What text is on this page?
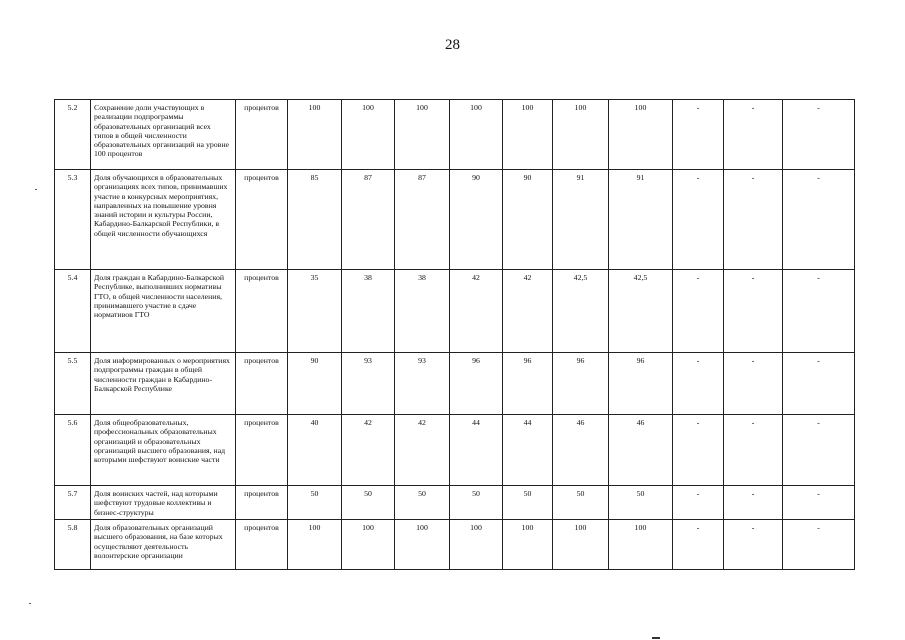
28
5.2	Сохранение доли участвующих в реализации подпрограммы образовательных организаций всех типов в общей численности образовательных организаций на уровне 100 процентов	процентов	100	100	100	100	100	100	100	-	-	-
5.3	Доля обучающихся в образовательных организациях всех типов, принимавших участие в конкурсных мероприятиях, направленных на повышение уровня знаний истории и культуры России, Кабардино-Балкарской Республики, в общей численности обучающихся	процентов	85	87	87	90	90	91	91	-	-	-
5.4	Доля граждан в Кабардино-Балкарской Республике, выполнивших нормативы ГТО, в общей численности населения, принимавшего участие в сдаче нормативов ГТО	процентов	35	38	38	42	42	42,5	42,5	-	-	-
5.5	Доля информированных о мероприятиях подпрограммы граждан в общей численности граждан в Кабардино-Балкарской Республике	процентов	90	93	93	96	96	96	96	-	-	-
5.6	Доля общеобразовательных, профессиональных образовательных организаций и образовательных организаций высшего образования, над которыми шефствуют воинские части	процентов	40	42	42	44	44	46	46	-	-	-
5.7	Доля воинских частей, над которыми шефствуют трудовые коллективы и бизнес-структуры	процентов	50	50	50	50	50	50	50	-	-	-
5.8	Доля образовательных организаций высшего образования, на базе которых осуществляют деятельность волонтерские организации	процентов	100	100	100	100	100	100	100	-	-	-
